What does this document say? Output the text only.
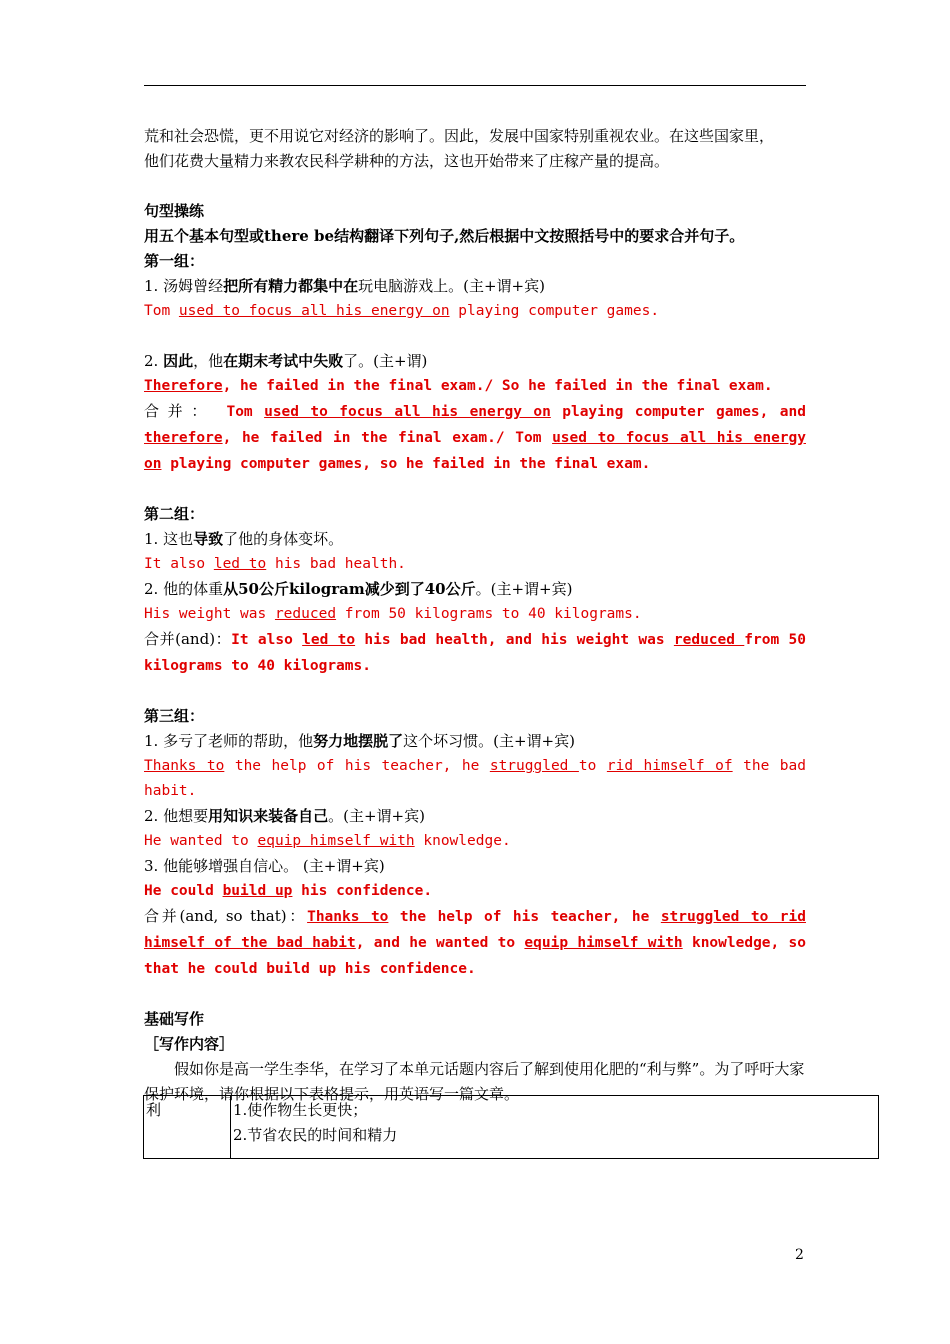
荒和社会恐慌，更不用说它对经济的影响了。因此，发展中国家特别重视农业。在这些国家里，

他们花费大量精力来教农民科学耕种的方法，这也开始带来了庄稼产量的提高。

句型操练

用五个基本句型或there be结构翻译下列句子,然后根据中文按照括号中的要求合并句子。

第一组：

1. 汤姆曾经把所有精力都集中在玩电脑游戏上。(主+谓+宾)

Tom used to focus all his energy on playing computer games.

2. 因此，他在期末考试中失败了。(主+谓)

Therefore, he failed in the final exam./ So he failed in the final exam.

合并： Tom used to focus all his energy on playing computer games, and therefore, he failed in the final exam./ Tom used to focus all his energy on playing computer games, so he failed in the final exam.

第二组：

1. 这也导致了他的身体变坏。

It also led to his bad health.

2. 他的体重从50公斤kilogram减少到了40公斤。(主+谓+宾)

His weight was reduced from 50 kilograms to 40 kilograms.

合并(and)：It also led to his bad health, and his weight was reduced from 50 kilograms to 40 kilograms.

第三组：

1. 多亏了老师的帮助，他努力地摆脱了这个坏习惯。(主+谓+宾)

Thanks to the help of his teacher, he struggled to rid himself of the bad habit.

2. 他想要用知识来装备自己。(主+谓+宾)

He wanted to equip himself with knowledge.

3. 他能够增强自信心。 (主+谓+宾)

He could build up his confidence.

合并(and, so that)：Thanks to the help of his teacher, he struggled to rid himself of the bad habit, and he wanted to equip himself with knowledge, so that he could build up his confidence.

基础写作

［写作内容］

假如你是高一学生李华，在学习了本单元话题内容后了解到使用化肥的“利与弊”。为了呼吁大家保护环境，请你根据以下表格提示，用英语写一篇文章。

利	1.使作物生长更快；
2.节省农民的时间和精力
2
